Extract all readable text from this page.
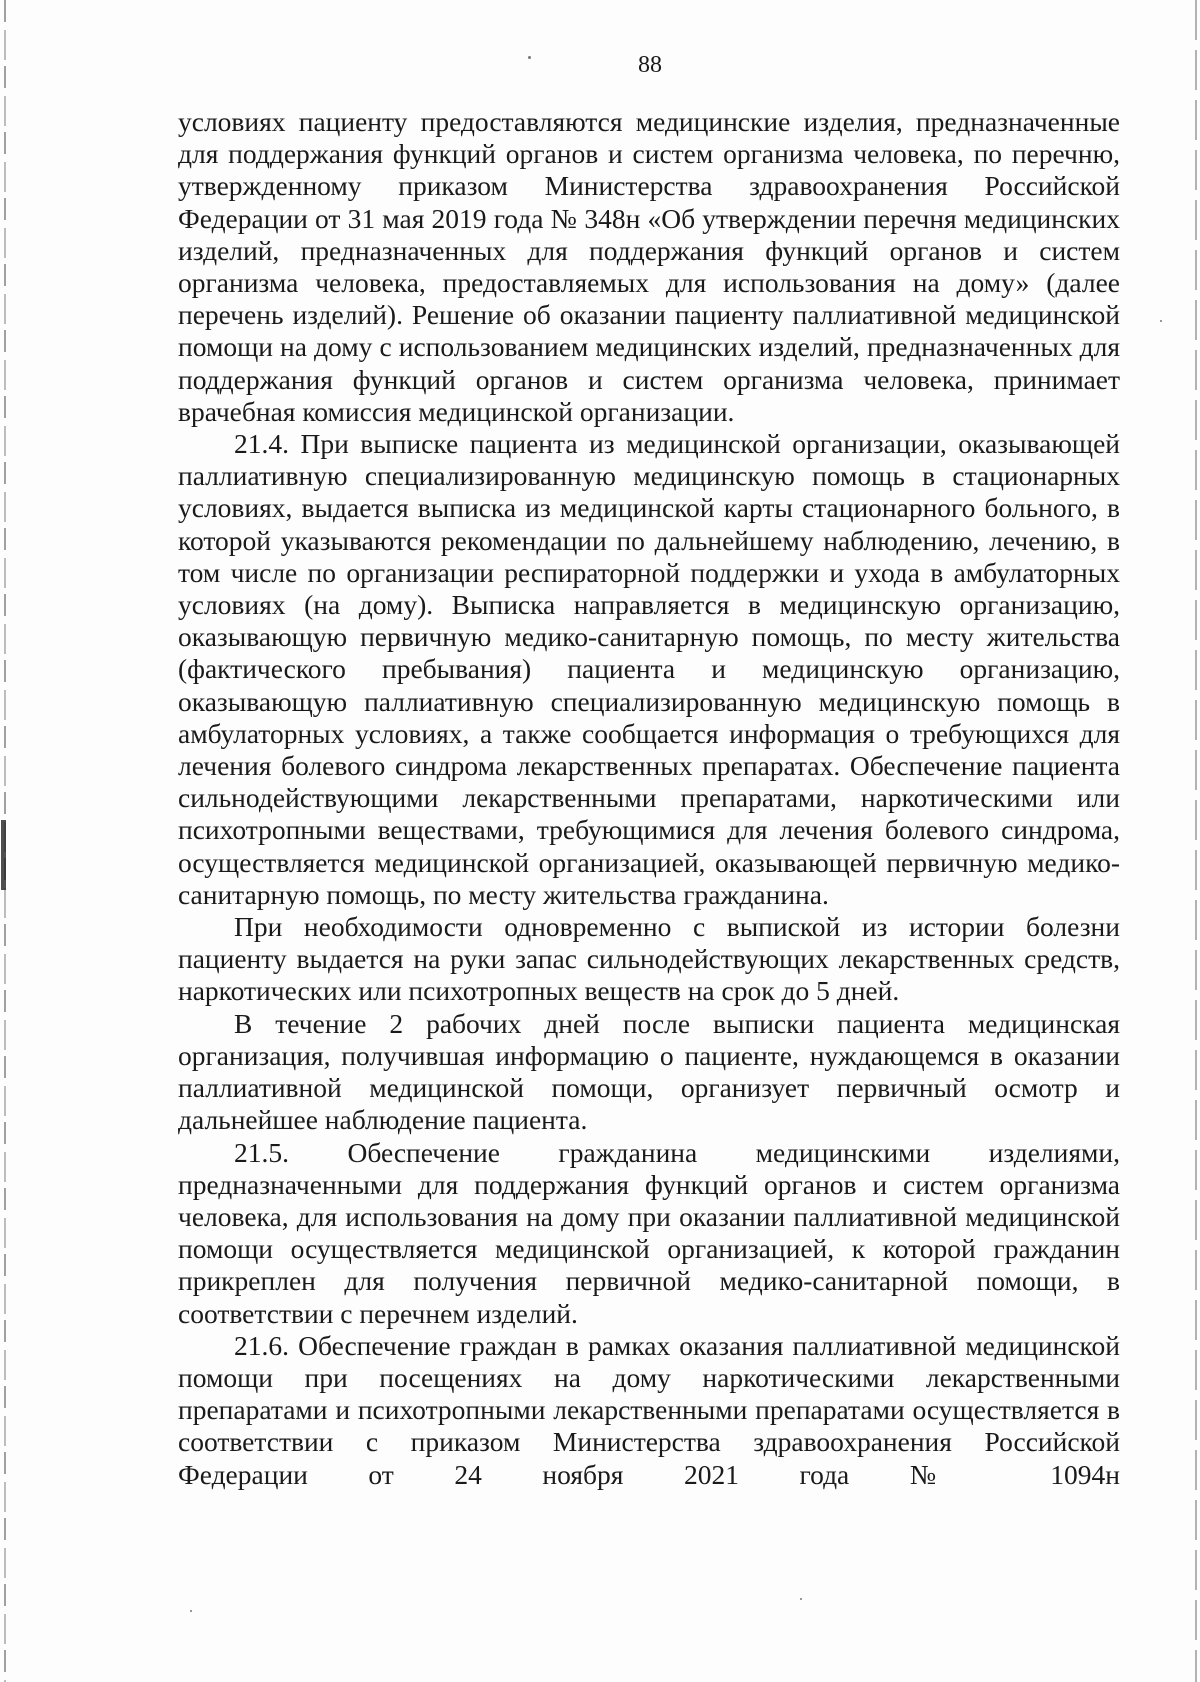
88

условиях пациенту предоставляются медицинские изделия, предназначенные для поддержания функций органов и систем организма человека, по перечню, утвержденному приказом Министерства здравоохранения Российской Федерации от 31 мая 2019 года № 348н «Об утверждении перечня медицинских изделий, предназначенных для поддержания функций органов и систем организма человека, предоставляемых для использования на дому» (далее перечень изделий). Решение об оказании пациенту паллиативной медицинской помощи на дому с использованием медицинских изделий, предназначенных для поддержания функций органов и систем организма человека, принимает врачебная комиссия медицинской организации.

21.4. При выписке пациента из медицинской организации, оказывающей паллиативную специализированную медицинскую помощь в стационарных условиях, выдается выписка из медицинской карты стационарного больного, в которой указываются рекомендации по дальнейшему наблюдению, лечению, в том числе по организации респираторной поддержки и ухода в амбулаторных условиях (на дому). Выписка направляется в медицинскую организацию, оказывающую первичную медико-санитарную помощь, по месту жительства (фактического пребывания) пациента и медицинскую организацию, оказывающую паллиативную специализированную медицинскую помощь в амбулаторных условиях, а также сообщается информация о требующихся для лечения болевого синдрома лекарственных препаратах. Обеспечение пациента сильнодействующими лекарственными препаратами, наркотическими или психотропными веществами, требующимися для лечения болевого синдрома, осуществляется медицинской организацией, оказывающей первичную медико-санитарную помощь, по месту жительства гражданина.

При необходимости одновременно с выпиской из истории болезни пациенту выдается на руки запас сильнодействующих лекарственных средств, наркотических или психотропных веществ на срок до 5 дней.

В течение 2 рабочих дней после выписки пациента медицинская организация, получившая информацию о пациенте, нуждающемся в оказании паллиативной медицинской помощи, организует первичный осмотр и дальнейшее наблюдение пациента.

21.5. Обеспечение гражданина медицинскими изделиями, предназначенными для поддержания функций органов и систем организма человека, для использования на дому при оказании паллиативной медицинской помощи осуществляется медицинской организацией, к которой гражданин прикреплен для получения первичной медико-санитарной помощи, в соответствии с перечнем изделий.

21.6. Обеспечение граждан в рамках оказания паллиативной медицинской помощи при посещениях на дому наркотическими лекарственными препаратами и психотропными лекарственными препаратами осуществляется в соответствии с приказом Министерства здравоохранения Российской Федерации от 24 ноября 2021 года № 1094н
